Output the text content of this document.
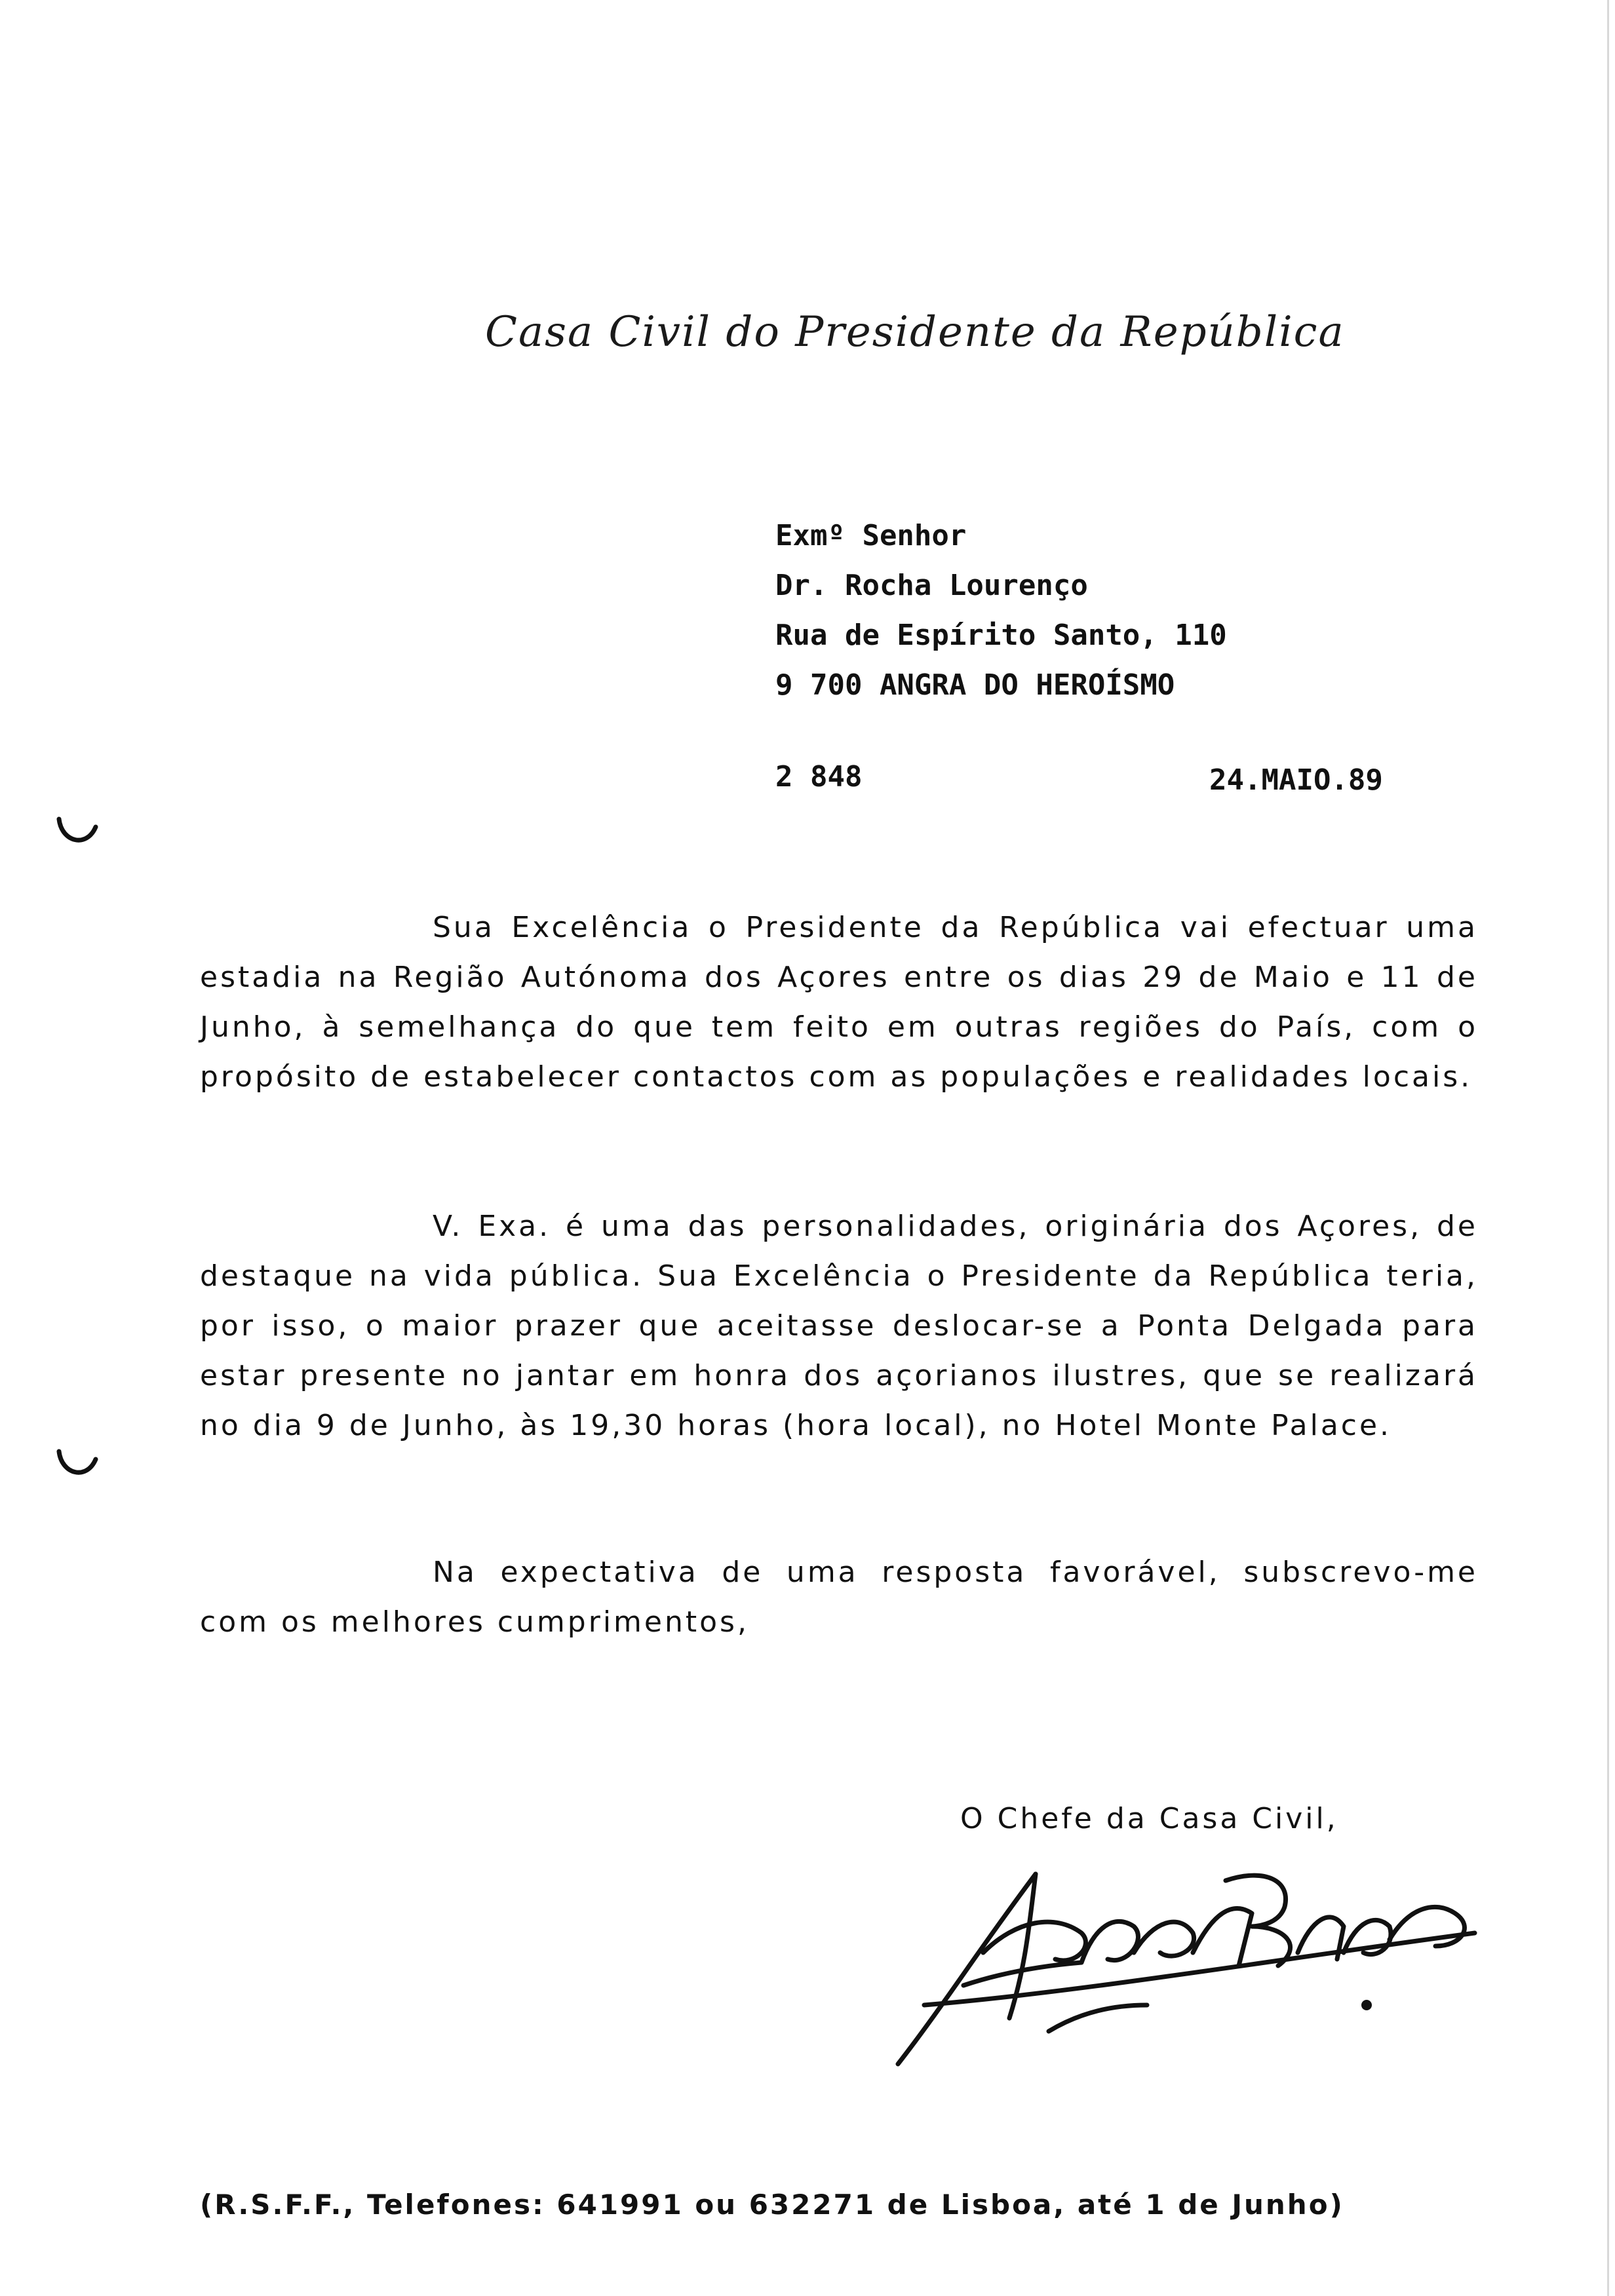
Casa Civil do Presidente da República
Exmº Senhor
Dr. Rocha Lourenço
Rua de Espírito Santo, 110
9 700 ANGRA DO HEROÍSMO
2 848	24.MAIO.89
Sua Excelência o Presidente da República vai efectuar uma estadia na Região Autónoma dos Açores entre os dias 29 de Maio e 11 de Junho, à semelhança do que tem feito em outras regiões do País, com o propósito de estabelecer contactos com as populações e realidades locais.
V. Exa. é uma das personalidades, originária dos Açores, de destaque na vida pública. Sua Excelência o Presidente da República teria, por isso, o maior prazer que aceitasse deslocar-se a Ponta Delgada para estar presente no jantar em honra dos açorianos ilustres, que se realizará no dia 9 de Junho, às 19,30 horas (hora local), no Hotel Monte Palace.
Na expectativa de uma resposta favorável, subscrevo-me com os melhores cumprimentos,
O Chefe da Casa Civil,
(R.S.F.F., Telefones: 641991 ou 632271 de Lisboa, até 1 de Junho)
